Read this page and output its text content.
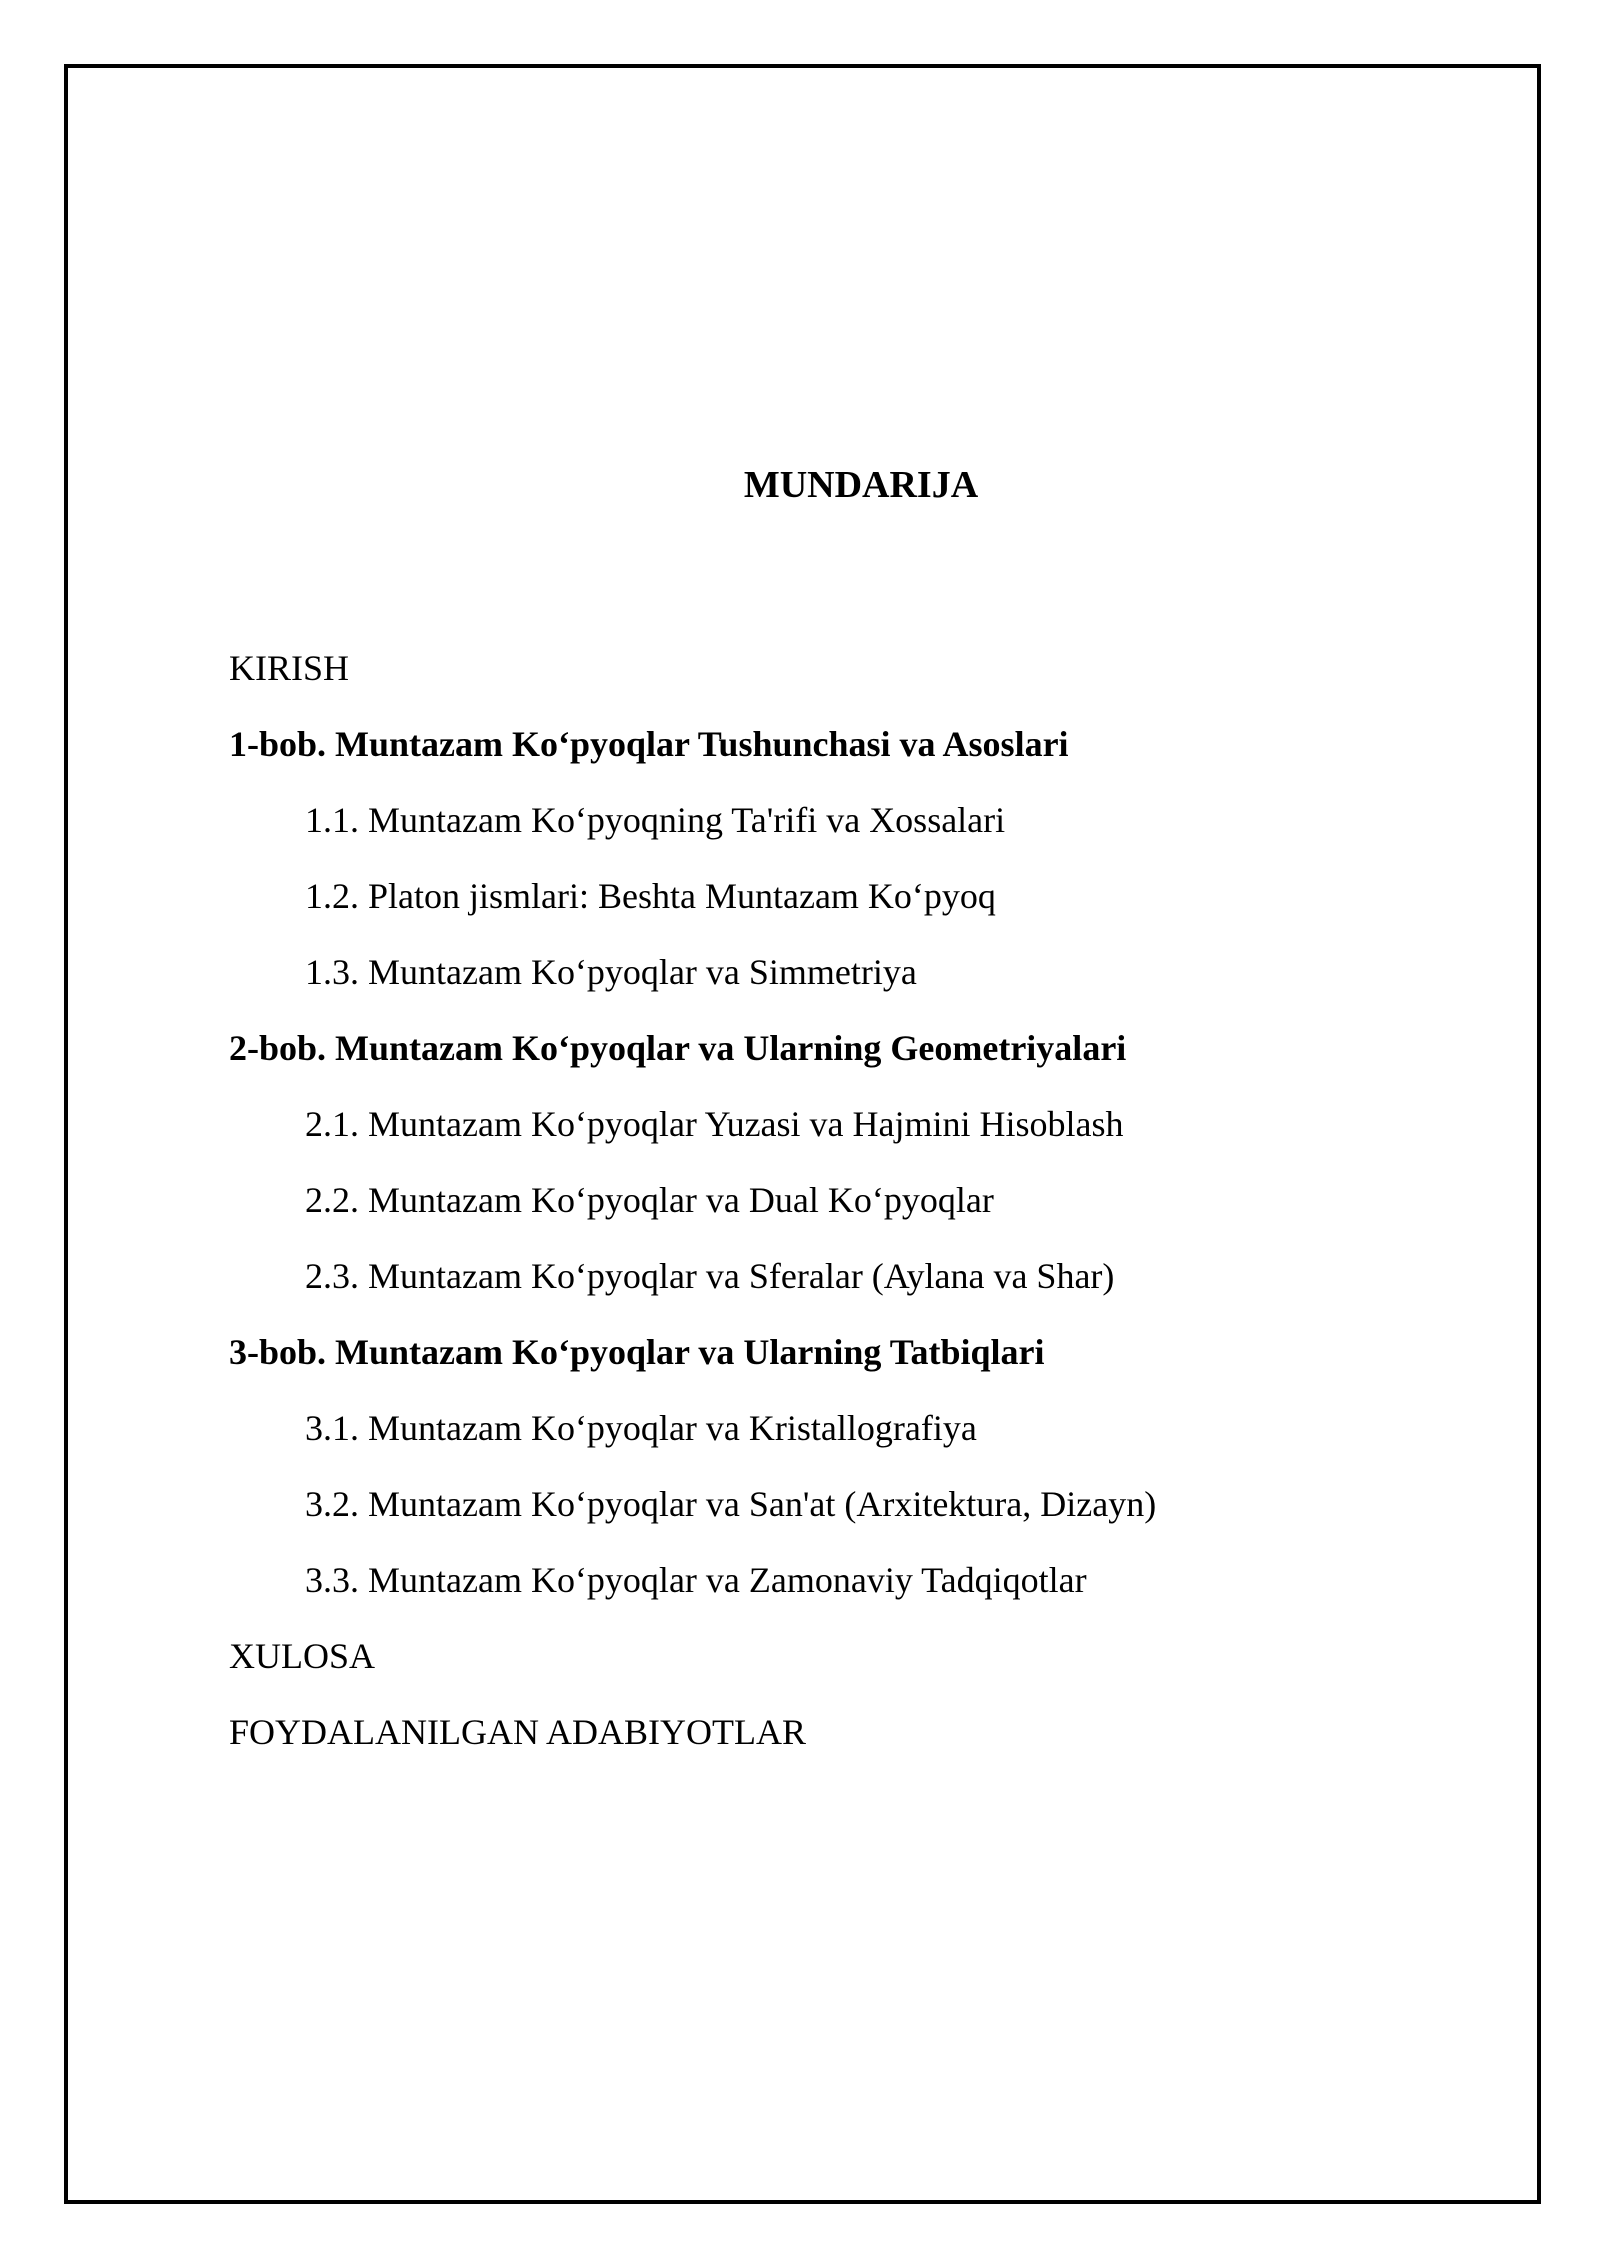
MUNDARIJA
KIRISH
1-bob. Muntazam Ko‘pyoqlar Tushunchasi va Asoslari
1.1. Muntazam Ko‘pyoqning Ta'rifi va Xossalari
1.2. Platon jismlari: Beshta Muntazam Ko‘pyoq
1.3. Muntazam Ko‘pyoqlar va Simmetriya
2-bob. Muntazam Ko‘pyoqlar va Ularning Geometriyalari
2.1. Muntazam Ko‘pyoqlar Yuzasi va Hajmini Hisoblash
2.2. Muntazam Ko‘pyoqlar va Dual Ko‘pyoqlar
2.3. Muntazam Ko‘pyoqlar va Sferalar (Aylana va Shar)
3-bob. Muntazam Ko‘pyoqlar va Ularning Tatbiqlari
3.1. Muntazam Ko‘pyoqlar va Kristallografiya
3.2. Muntazam Ko‘pyoqlar va San'at (Arxitektura, Dizayn)
3.3. Muntazam Ko‘pyoqlar va Zamonaviy Tadqiqotlar
XULOSA
FOYDALANILGAN ADABIYOTLAR
